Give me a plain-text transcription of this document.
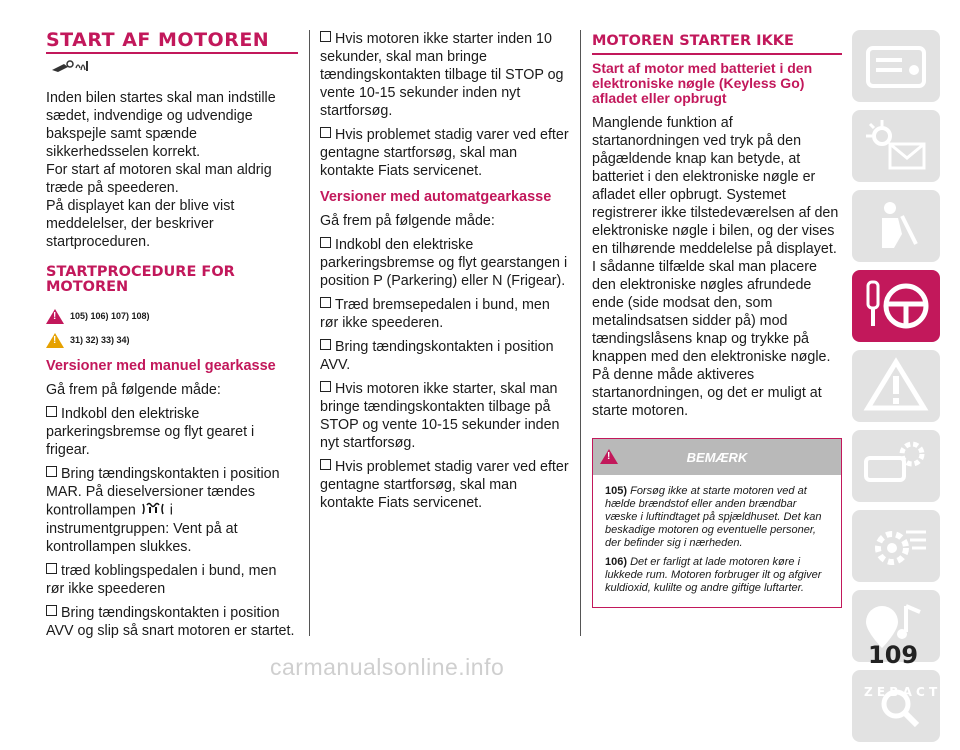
START AF MOTOREN

Inden bilen startes skal man indstille sædet, indvendige og udvendige bakspejle samt spænde sikkerhedsselen korrekt.

For start af motoren skal man aldrig træde på speederen.

På displayet kan der blive vist meddelelser, der beskriver startproceduren.

STARTPROCEDURE FOR MOTOREN
!
105) 106) 107) 108)
!
31) 32) 33) 34)
Versioner med manuel gearkasse

Gå frem på følgende måde:

Indkobl den elektriske parkeringsbremse og flyt gearet i frigear.

Bring tændingskontakten i position MAR. På dieselversioner tændes kontrollampen i instrumentgruppen: Vent på at kontrollampen slukkes.

træd koblingspedalen i bund, men rør ikke speederen

Bring tændingskontakten i position AVV og slip så snart motoren er startet.

Hvis motoren ikke starter inden 10 sekunder, skal man bringe tændingskontakten tilbage til STOP og vente 10-15 sekunder inden nyt startforsøg.

Hvis problemet stadig varer ved efter gentagne startforsøg, skal man kontakte Fiats servicenet.

Versioner med automatgearkasse

Gå frem på følgende måde:

Indkobl den elektriske parkeringsbremse og flyt gearstangen i position P (Parkering) eller N (Frigear).

Træd bremsepedalen i bund, men rør ikke speederen.

Bring tændingskontakten i position AVV.

Hvis motoren ikke starter, skal man bringe tændingskontakten tilbage på STOP og vente 10-15 sekunder inden nyt startforsøg.

Hvis problemet stadig varer ved efter gentagne startforsøg, skal man kontakte Fiats servicenet.

MOTOREN STARTER IKKE
Start af motor med batteriet i den elektroniske nøgle (Keyless Go) afladet eller opbrugt

Manglende funktion af startanordningen ved tryk på den pågældende knap kan betyde, at batteriet i den elektroniske nøgle er afladet eller opbrugt. Systemet registrerer ikke tilstedeværelsen af den elektroniske nøgle i bilen, og der vises en tilhørende meddelelse på displayet. I sådanne tilfælde skal man placere den elektroniske nøgles afrundede ende (side modsat den, som metalindsatsen sidder på) mod tændingslåsens knap og trykke på knappen med den elektroniske nøgle. På denne måde aktiveres startanordningen, og det er muligt at starte motoren.

!
BEMÆRK
105) Forsøg ikke at starte motoren ved at hælde brændstof eller anden brændbar væske i luftindtaget på spjældhuset. Det kan beskadige motoren og eventuelle personer, der befinder sig i nærheden.
106) Det er farligt at lade motoren køre i lukkede rum. Motoren forbruger ilt og afgiver kuldioxid, kulilte og andre giftige luftarter.
Z E B A C T D
109
carmanualsonline.info
